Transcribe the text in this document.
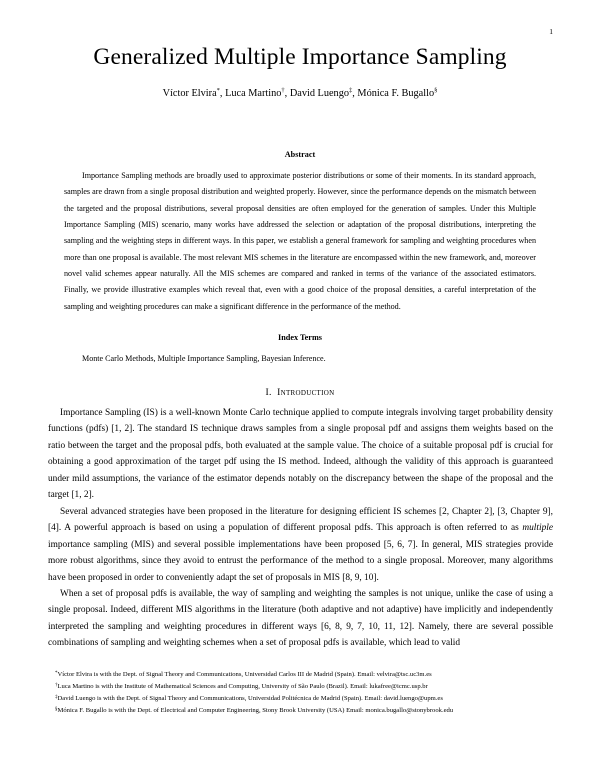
1
Generalized Multiple Importance Sampling
Víctor Elvira*, Luca Martino†, David Luengo‡, Mónica F. Bugallo§
Abstract
Importance Sampling methods are broadly used to approximate posterior distributions or some of their moments. In its standard approach, samples are drawn from a single proposal distribution and weighted properly. However, since the performance depends on the mismatch between the targeted and the proposal distributions, several proposal densities are often employed for the generation of samples. Under this Multiple Importance Sampling (MIS) scenario, many works have addressed the selection or adaptation of the proposal distributions, interpreting the sampling and the weighting steps in different ways. In this paper, we establish a general framework for sampling and weighting procedures when more than one proposal is available. The most relevant MIS schemes in the literature are encompassed within the new framework, and, moreover novel valid schemes appear naturally. All the MIS schemes are compared and ranked in terms of the variance of the associated estimators. Finally, we provide illustrative examples which reveal that, even with a good choice of the proposal densities, a careful interpretation of the sampling and weighting procedures can make a significant difference in the performance of the method.
Index Terms
Monte Carlo Methods, Multiple Importance Sampling, Bayesian Inference.
I. Introduction

Importance Sampling (IS) is a well-known Monte Carlo technique applied to compute integrals involving target probability density functions (pdfs) [1, 2]. The standard IS technique draws samples from a single proposal pdf and assigns them weights based on the ratio between the target and the proposal pdfs, both evaluated at the sample value. The choice of a suitable proposal pdf is crucial for obtaining a good approximation of the target pdf using the IS method. Indeed, although the validity of this approach is guaranteed under mild assumptions, the variance of the estimator depends notably on the discrepancy between the shape of the proposal and the target [1, 2].

Several advanced strategies have been proposed in the literature for designing efficient IS schemes [2, Chapter 2], [3, Chapter 9], [4]. A powerful approach is based on using a population of different proposal pdfs. This approach is often referred to as multiple importance sampling (MIS) and several possible implementations have been proposed [5, 6, 7]. In general, MIS strategies provide more robust algorithms, since they avoid to entrust the performance of the method to a single proposal. Moreover, many algorithms have been proposed in order to conveniently adapt the set of proposals in MIS [8, 9, 10].

When a set of proposal pdfs is available, the way of sampling and weighting the samples is not unique, unlike the case of using a single proposal. Indeed, different MIS algorithms in the literature (both adaptive and not adaptive) have implicitly and independently interpreted the sampling and weighting procedures in different ways [6, 8, 9, 7, 10, 11, 12]. Namely, there are several possible combinations of sampling and weighting schemes when a set of proposal pdfs is available, which lead to valid

*Víctor Elvira is with the Dept. of Signal Theory and Communications, Universidad Carlos III de Madrid (Spain). Email: velvira@tsc.uc3m.es

†Luca Martino is with the Institute of Mathematical Sciences and Computing, University of São Paulo (Brazil). Email: lukafree@icmc.usp.br

‡David Luengo is with the Dept. of Signal Theory and Communications, Universidad Politécnica de Madrid (Spain). Email: david.luengo@upm.es

§Mónica F. Bugallo is with the Dept. of Electrical and Computer Engineering, Stony Brook University (USA) Email: monica.bugallo@stonybrook.edu
